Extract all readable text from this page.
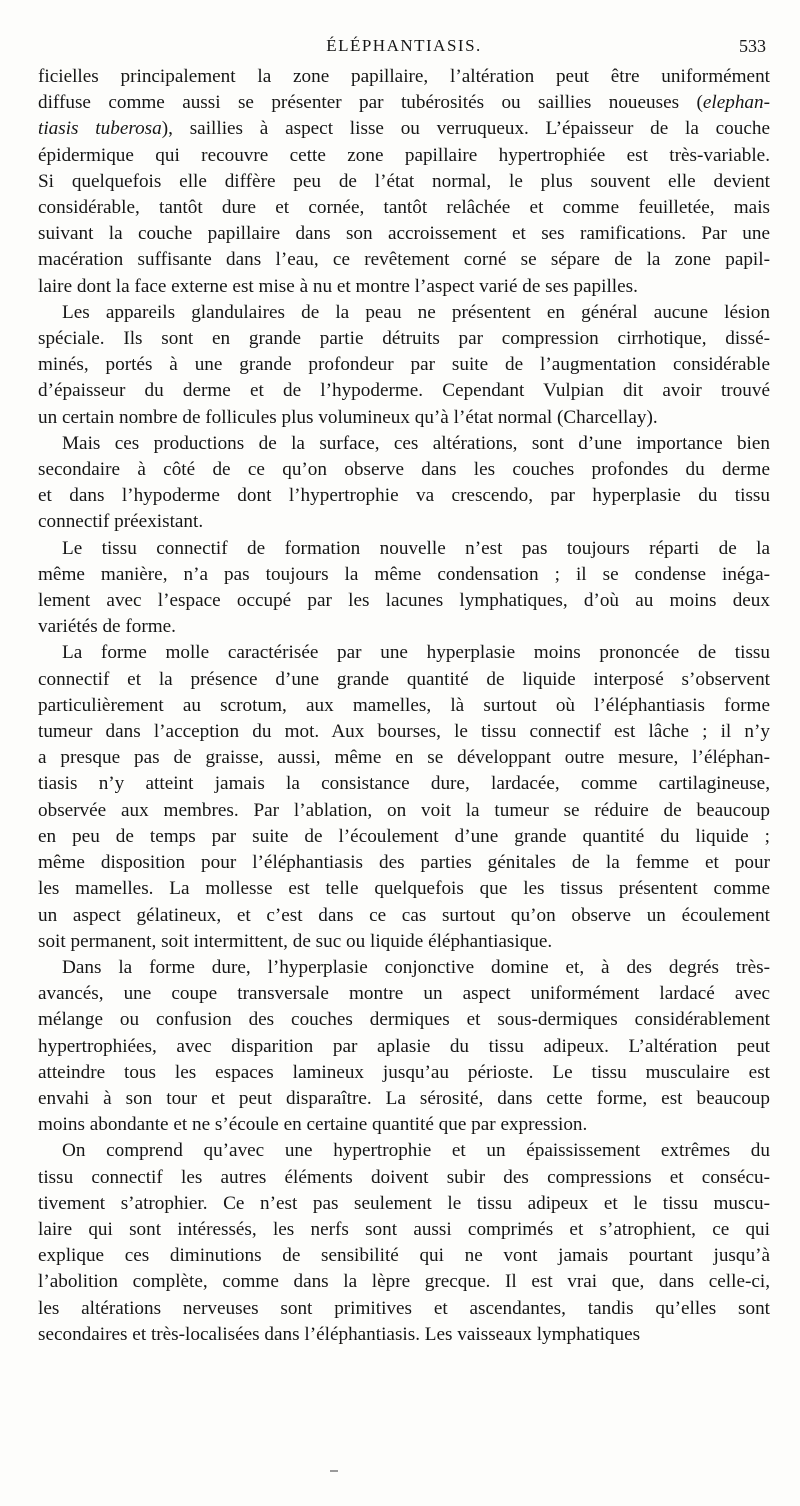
ÉLÉPHANTIASIS.	533
ficielles principalement la zone papillaire, l’altération peut être uniformément
diffuse comme aussi se présenter par tubérosités ou saillies noueuses (elephan-
tiasis tuberosa), saillies à aspect lisse ou verruqueux. L’épaisseur de la couche
épidermique qui recouvre cette zone papillaire hypertrophiée est très-variable.
Si quelquefois elle diffère peu de l’état normal, le plus souvent elle devient
considérable, tantôt dure et cornée, tantôt relâchée et comme feuilletée, mais
suivant la couche papillaire dans son accroissement et ses ramifications. Par une
macération suffisante dans l’eau, ce revêtement corné se sépare de la zone papil-
laire dont la face externe est mise à nu et montre l’aspect varié de ses papilles.
Les appareils glandulaires de la peau ne présentent en général aucune lésion
spéciale. Ils sont en grande partie détruits par compression cirrhotique, dissé-
minés, portés à une grande profondeur par suite de l’augmentation considérable
d’épaisseur du derme et de l’hypoderme. Cependant Vulpian dit avoir trouvé
un certain nombre de follicules plus volumineux qu’à l’état normal (Charcellay).
Mais ces productions de la surface, ces altérations, sont d’une importance bien
secondaire à côté de ce qu’on observe dans les couches profondes du derme
et dans l’hypoderme dont l’hypertrophie va crescendo, par hyperplasie du tissu
connectif préexistant.
Le tissu connectif de formation nouvelle n’est pas toujours réparti de la
même manière, n’a pas toujours la même condensation ; il se condense inéga-
lement avec l’espace occupé par les lacunes lymphatiques, d’où au moins deux
variétés de forme.
La forme molle caractérisée par une hyperplasie moins prononcée de tissu
connectif et la présence d’une grande quantité de liquide interposé s’observent
particulièrement au scrotum, aux mamelles, là surtout où l’éléphantiasis forme
tumeur dans l’acception du mot. Aux bourses, le tissu connectif est lâche ; il n’y
a presque pas de graisse, aussi, même en se développant outre mesure, l’éléphan-
tiasis n’y atteint jamais la consistance dure, lardacée, comme cartilagineuse,
observée aux membres. Par l’ablation, on voit la tumeur se réduire de beaucoup
en peu de temps par suite de l’écoulement d’une grande quantité du liquide ;
même disposition pour l’éléphantiasis des parties génitales de la femme et pour
les mamelles. La mollesse est telle quelquefois que les tissus présentent comme
un aspect gélatineux, et c’est dans ce cas surtout qu’on observe un écoulement
soit permanent, soit intermittent, de suc ou liquide éléphantiasique.
Dans la forme dure, l’hyperplasie conjonctive domine et, à des degrés très-
avancés, une coupe transversale montre un aspect uniformément lardacé avec
mélange ou confusion des couches dermiques et sous-dermiques considérablement
hypertrophiées, avec disparition par aplasie du tissu adipeux. L’altération peut
atteindre tous les espaces lamineux jusqu’au périoste. Le tissu musculaire est
envahi à son tour et peut disparaître. La sérosité, dans cette forme, est beaucoup
moins abondante et ne s’écoule en certaine quantité que par expression.
On comprend qu’avec une hypertrophie et un épaississement extrêmes du
tissu connectif les autres éléments doivent subir des compressions et consécu-
tivement s’atrophier. Ce n’est pas seulement le tissu adipeux et le tissu muscu-
laire qui sont intéressés, les nerfs sont aussi comprimés et s’atrophient, ce qui
explique ces diminutions de sensibilité qui ne vont jamais pourtant jusqu’à
l’abolition complète, comme dans la lèpre grecque. Il est vrai que, dans celle-ci,
les altérations nerveuses sont primitives et ascendantes, tandis qu’elles sont
secondaires et très-localisées dans l’éléphantiasis. Les vaisseaux lymphatiques
